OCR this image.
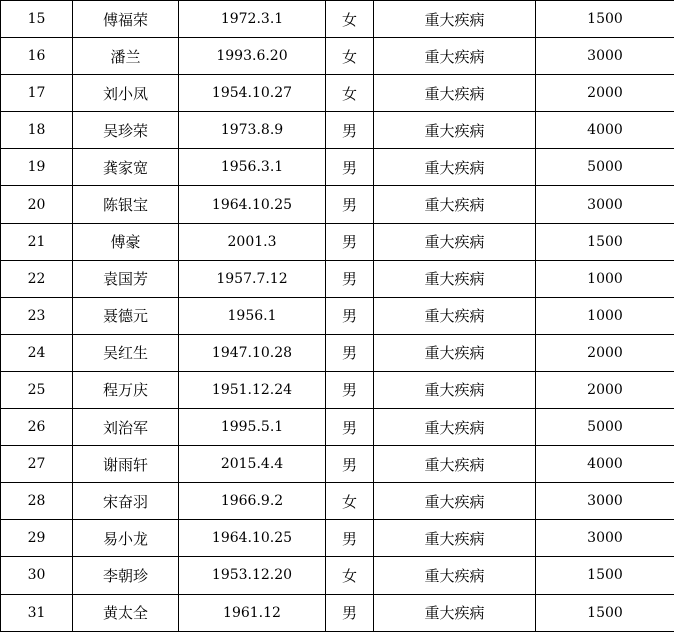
15	傅福荣	1972.3.1	女	重大疾病	1500
16	潘兰	1993.6.20	女	重大疾病	3000
17	刘小凤	1954.10.27	女	重大疾病	2000
18	吴珍荣	1973.8.9	男	重大疾病	4000
19	龚家宽	1956.3.1	男	重大疾病	5000
20	陈银宝	1964.10.25	男	重大疾病	3000
21	傅豪	2001.3	男	重大疾病	1500
22	袁国芳	1957.7.12	男	重大疾病	1000
23	聂德元	1956.1	男	重大疾病	1000
24	吴红生	1947.10.28	男	重大疾病	2000
25	程万庆	1951.12.24	男	重大疾病	2000
26	刘治军	1995.5.1	男	重大疾病	5000
27	谢雨轩	2015.4.4	男	重大疾病	4000
28	宋奋羽	1966.9.2	女	重大疾病	3000
29	易小龙	1964.10.25	男	重大疾病	3000
30	李朝珍	1953.12.20	女	重大疾病	1500
31	黄太全	1961.12	男	重大疾病	1500
